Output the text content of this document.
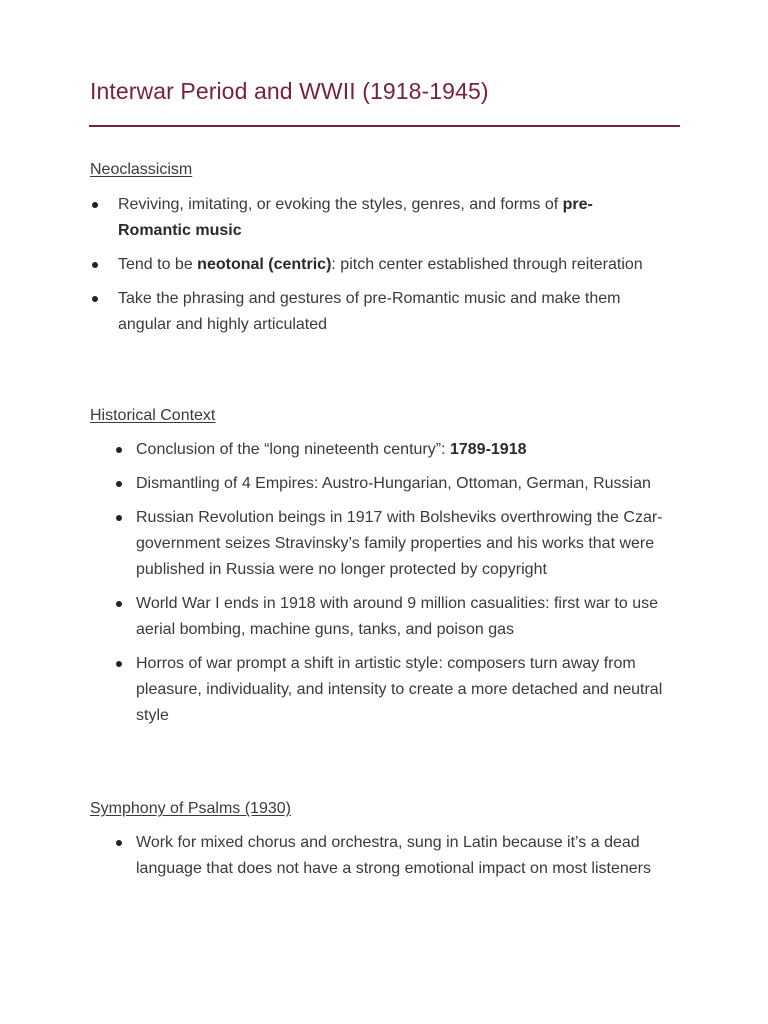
Interwar Period and WWII (1918-1945)
Neoclassicism
Reviving, imitating, or evoking the styles, genres, and forms of pre-Romantic music
Tend to be neotonal (centric): pitch center established through reiteration
Take the phrasing and gestures of pre-Romantic music and make them angular and highly articulated
Historical Context
Conclusion of the “long nineteenth century”: 1789-1918
Dismantling of 4 Empires: Austro-Hungarian, Ottoman, German, Russian
Russian Revolution beings in 1917 with Bolsheviks overthrowing the Czar-government seizes Stravinsky’s family properties and his works that were published in Russia were no longer protected by copyright
World War I ends in 1918 with around 9 million casualities: first war to use aerial bombing, machine guns, tanks, and poison gas
Horros of war prompt a shift in artistic style: composers turn away from pleasure, individuality, and intensity to create a more detached and neutral style
Symphony of Psalms (1930)
Work for mixed chorus and orchestra, sung in Latin because it’s a dead language that does not have a strong emotional impact on most listeners
